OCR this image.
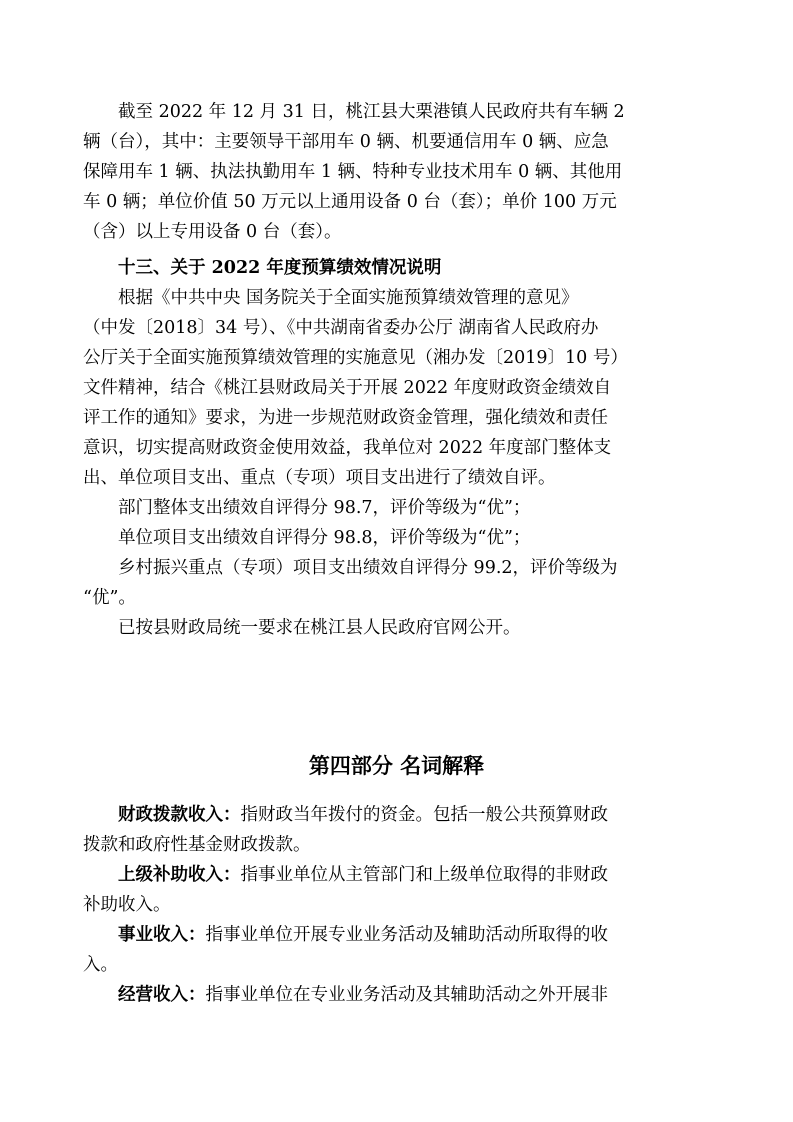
截至 2022 年 12 月 31 日，桃江县大栗港镇人民政府共有车辆 2
辆（台），其中：主要领导干部用车 0 辆、机要通信用车 0 辆、应急
保障用车 1 辆、执法执勤用车 1 辆、特种专业技术用车 0 辆、其他用
车 0 辆；单位价值 50 万元以上通用设备 0 台（套）；单价 100 万元
（含）以上专用设备 0 台（套）。
十三、关于 2022 年度预算绩效情况说明
根据《中共中央 国务院关于全面实施预算绩效管理的意见》
（中发〔2018〕34 号）、《中共湖南省委办公厅 湖南省人民政府办
公厅关于全面实施预算绩效管理的实施意见（湘办发〔2019〕10 号）
文件精神，结合《桃江县财政局关于开展 2022 年度财政资金绩效自
评工作的通知》要求，为进一步规范财政资金管理，强化绩效和责任
意识，切实提高财政资金使用效益，我单位对 2022 年度部门整体支
出、单位项目支出、重点（专项）项目支出进行了绩效自评。
部门整体支出绩效自评得分 98.7，评价等级为“优”；
单位项目支出绩效自评得分 98.8，评价等级为“优”；
乡村振兴重点（专项）项目支出绩效自评得分 99.2，评价等级为
“优”。
已按县财政局统一要求在桃江县人民政府官网公开。
第四部分 名词解释
财政拨款收入：指财政当年拨付的资金。包括一般公共预算财政
拨款和政府性基金财政拨款。
上级补助收入：指事业单位从主管部门和上级单位取得的非财政
补助收入。
事业收入：指事业单位开展专业业务活动及辅助活动所取得的收
入。
经营收入：指事业单位在专业业务活动及其辅助活动之外开展非
